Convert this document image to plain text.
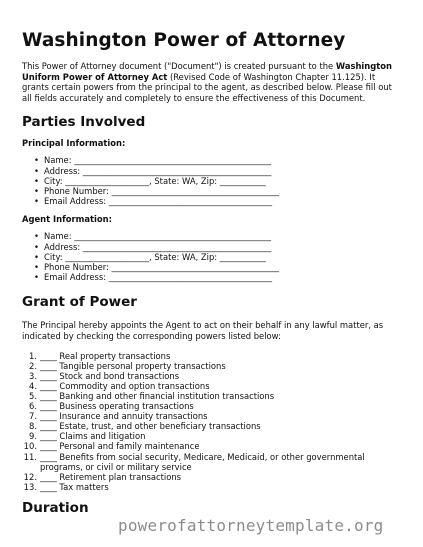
Washington Power of Attorney

This Power of Attorney document ("Document") is created pursuant to the Washington Uniform Power of Attorney Act (Revised Code of Washington Chapter 11.125). It grants certain powers from the principal to the agent, as described below. Please fill out all fields accurately and completely to ensure the effectiveness of this Document.

Parties Involved
Principal Information:
• Name: _______________________________________________
• Address: _____________________________________________
• City: ____________________, State: WA, Zip: ___________
• Phone Number: ________________________________________
• Email Address: _______________________________________
Agent Information:
• Name: _______________________________________________
• Address: _____________________________________________
• City: ____________________, State: WA, Zip: ___________
• Phone Number: ________________________________________
• Email Address: _______________________________________
Grant of Power

The Principal hereby appoints the Agent to act on their behalf in any lawful matter, as indicated by checking the corresponding powers listed below:

1. ____ Real property transactions
2. ____ Tangible personal property transactions
3. ____ Stock and bond transactions
4. ____ Commodity and option transactions
5. ____ Banking and other financial institution transactions
6. ____ Business operating transactions
7. ____ Insurance and annuity transactions
8. ____ Estate, trust, and other beneficiary transactions
9. ____ Claims and litigation
10. ____ Personal and family maintenance
11. ____ Benefits from social security, Medicare, Medicaid, or other governmental programs, or civil or military service
12. ____ Retirement plan transactions
13. ____ Tax matters
Duration
powerofattorneytemplate.org
